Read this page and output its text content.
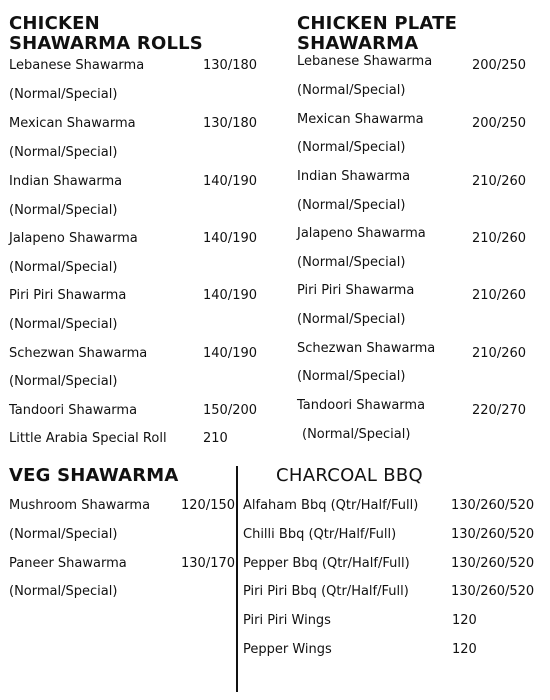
CHICKEN
SHAWARMA ROLLS
Lebanese Shawarma	130/180
(Normal/Special)
Mexican Shawarma	130/180
(Normal/Special)
Indian Shawarma	140/190
(Normal/Special)
Jalapeno Shawarma	140/190
(Normal/Special)
Piri Piri Shawarma	140/190
(Normal/Special)
Schezwan Shawarma	140/190
(Normal/Special)
Tandoori Shawarma	150/200
Little Arabia Special Roll	210
CHICKEN PLATE
SHAWARMA
Lebanese Shawarma	200/250
(Normal/Special)
Mexican Shawarma	200/250
(Normal/Special)
Indian Shawarma	210/260
(Normal/Special)
Jalapeno Shawarma	210/260
(Normal/Special)
Piri Piri Shawarma	210/260
(Normal/Special)
Schezwan Shawarma	210/260
(Normal/Special)
Tandoori Shawarma	220/270
(Normal/Special)
VEG SHAWARMA
Mushroom Shawarma 120/150
(Normal/Special)
Paneer Shawarma	130/170
(Normal/Special)
CHARCOAL BBQ
Alfaham Bbq (Qtr/Half/Full)	130/260/520
Chilli Bbq (Qtr/Half/Full)	130/260/520
Pepper Bbq (Qtr/Half/Full)	130/260/520
Piri Piri Bbq (Qtr/Half/Full)	130/260/520
Piri Piri Wings	120
Pepper Wings	120
